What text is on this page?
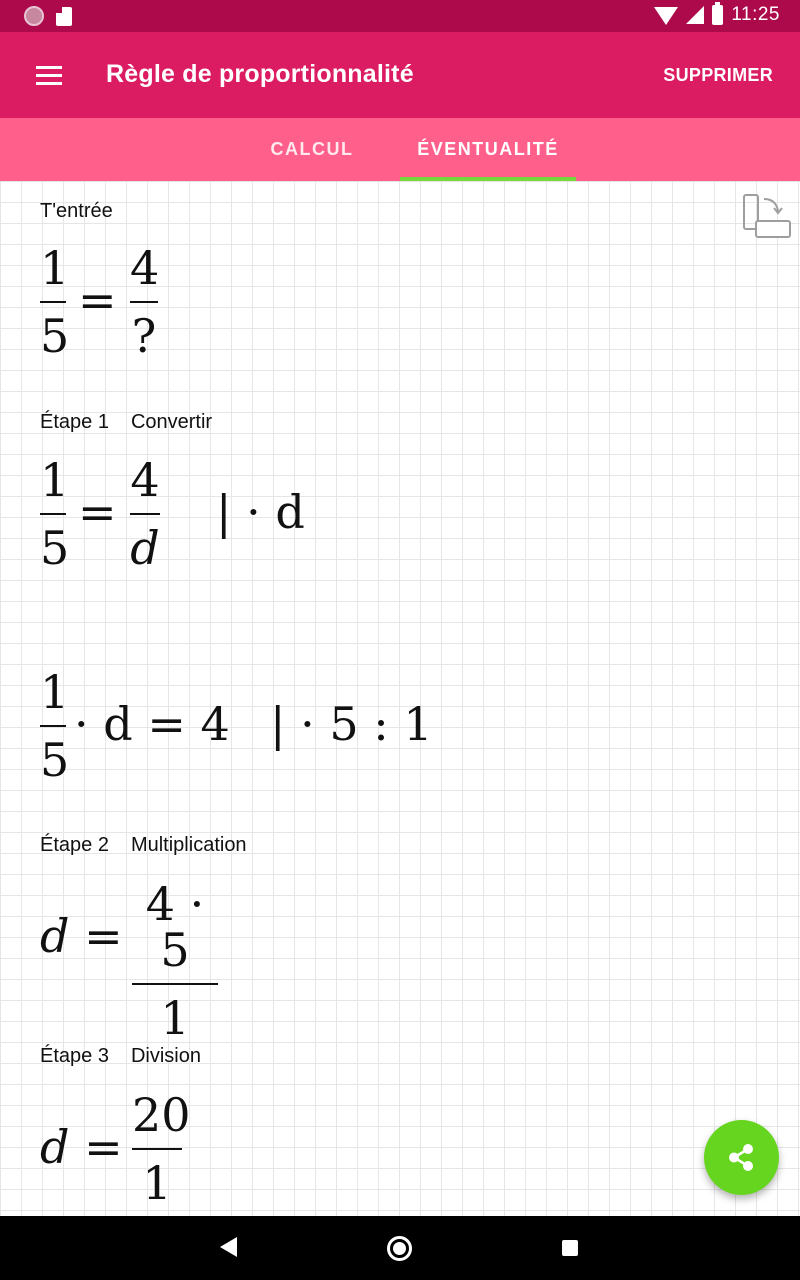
11:25
Règle de proportionnalité	SUPPRIMER
CALCUL	ÉVENTUALITÉ
T'entrée
1
5
=
4
?
Étape 1 Convertir
1
5
=
4
d
| · d
1
5
· d = 4 | · 5 : 1
Étape 2 Multiplication
d =
4 · 5
1
Étape 3 Division
d =
20
1
